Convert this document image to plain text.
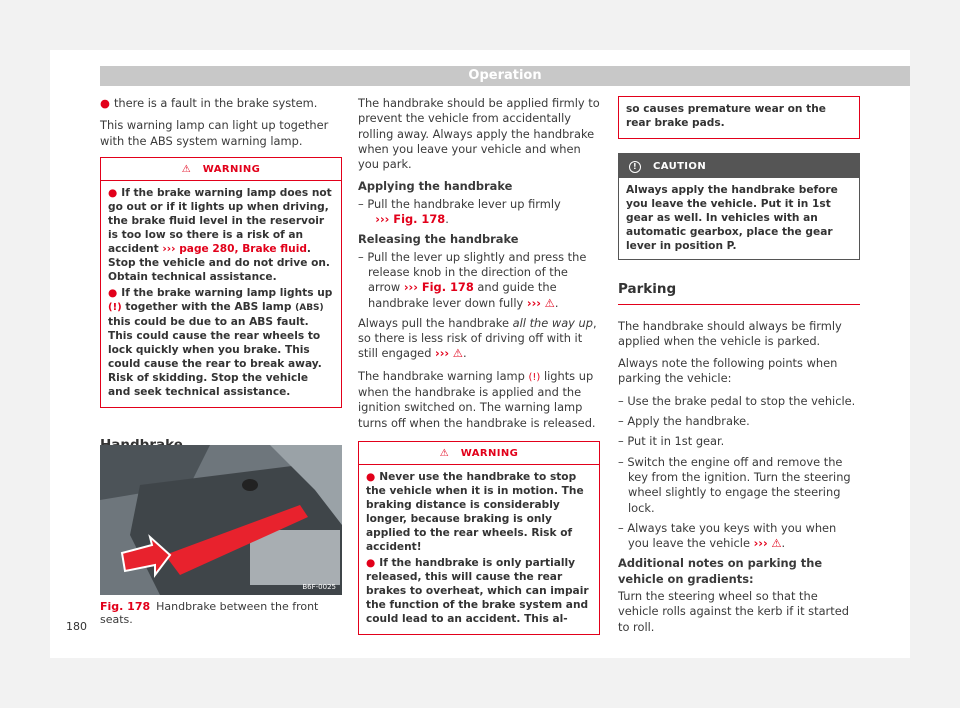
Operation

● there is a fault in the brake system.

This warning lamp can light up together with the ABS system warning lamp.

⚠ WARNING

● If the brake warning lamp does not go out or if it lights up when driving, the brake fluid level in the reservoir is too low so there is a risk of an accident ››› page 280, Brake fluid. Stop the vehicle and do not drive on. Obtain technical assistance.

● If the brake warning lamp lights up (!) together with the ABS lamp (ABS) this could be due to an ABS fault. This could cause the rear wheels to lock quickly when you brake. This could cause the rear to break away. Risk of skidding. Stop the vehicle and seek technical assistance.

B6F-0025
Fig. 178 Handbrake between the front seats.

The handbrake should be applied firmly to prevent the vehicle from accidentally rolling away. Always apply the handbrake when you leave your vehicle and when you park.

Applying the handbrake

– Pull the handbrake lever up firmly
››› Fig. 178.

Releasing the handbrake

– Pull the lever up slightly and press the release knob in the direction of the arrow ››› Fig. 178 and guide the handbrake lever down fully ››› ⚠.

Always pull the handbrake all the way up, so there is less risk of driving off with it still engaged ››› ⚠.

The handbrake warning lamp (!) lights up when the handbrake is applied and the ignition switched on. The warning lamp turns off when the handbrake is released.

⚠ WARNING

● Never use the handbrake to stop the vehicle when it is in motion. The braking distance is considerably longer, because braking is only applied to the rear wheels. Risk of accident!

● If the handbrake is only partially released, this will cause the rear brakes to overheat, which can impair the function of the brake system and could lead to an accident. This al-

so causes premature wear on the rear brake pads.

! CAUTION
Always apply the handbrake before you leave the vehicle. Put it in 1st gear as well. In vehicles with an automatic gearbox, place the gear lever in position P.
Parking

The handbrake should always be firmly applied when the vehicle is parked.

Always note the following points when parking the vehicle:

– Use the brake pedal to stop the vehicle.

– Apply the handbrake.

– Put it in 1st gear.

– Switch the engine off and remove the key from the ignition. Turn the steering wheel slightly to engage the steering lock.

– Always take you keys with you when you leave the vehicle ››› ⚠.

Additional notes on parking the vehicle on gradients:

Turn the steering wheel so that the vehicle rolls against the kerb if it started to roll.

180
